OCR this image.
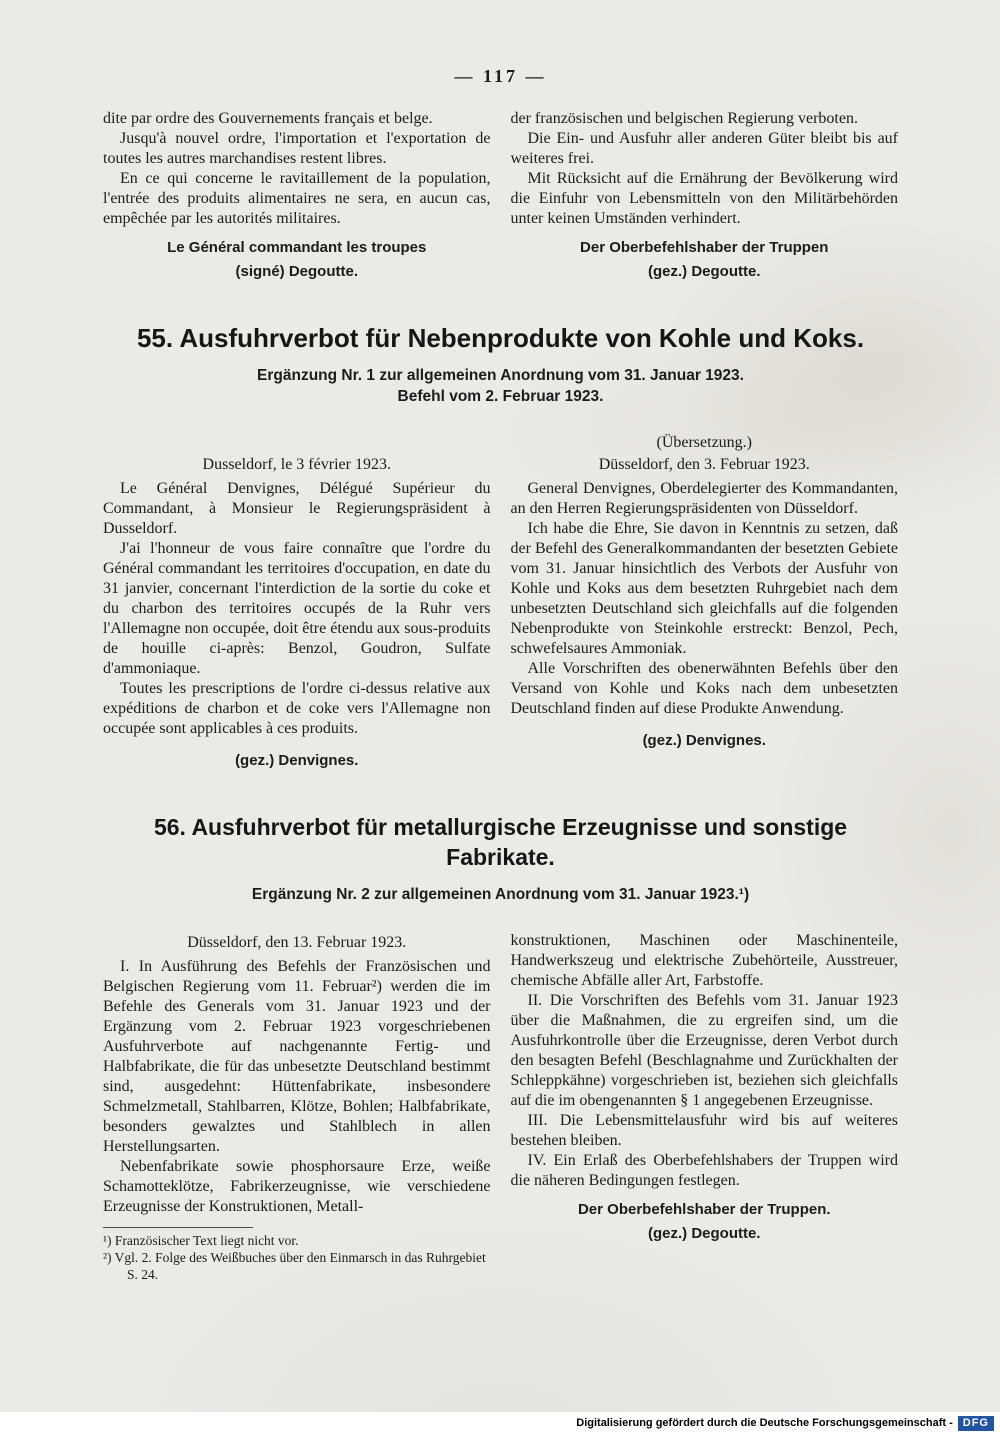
— 117 —

dite par ordre des Gouvernements français et belge.

Jusqu'à nouvel ordre, l'importation et l'exportation de toutes les autres marchandises restent libres.

En ce qui concerne le ravitaillement de la population, l'entrée des produits alimentaires ne sera, en aucun cas, empêchée par les autorités militaires.

Le Général commandant les troupes
(signé) Degoutte.

der französischen und belgischen Regierung verboten.

Die Ein- und Ausfuhr aller anderen Güter bleibt bis auf weiteres frei.

Mit Rücksicht auf die Ernährung der Bevölkerung wird die Einfuhr von Lebensmitteln von den Militärbehörden unter keinen Umständen verhindert.

Der Oberbefehlshaber der Truppen
(gez.) Degoutte.
55. Ausfuhrverbot für Nebenprodukte von Kohle und Koks.
Ergänzung Nr. 1 zur allgemeinen Anordnung vom 31. Januar 1923.
Befehl vom 2. Februar 1923.
Dusseldorf, le 3 février 1923.

Le Général Denvignes, Délégué Supérieur du Commandant, à Monsieur le Regierungspräsident à Dusseldorf.

J'ai l'honneur de vous faire connaître que l'ordre du Général commandant les territoires d'occupation, en date du 31 janvier, concernant l'interdiction de la sortie du coke et du charbon des territoires occupés de la Ruhr vers l'Allemagne non occupée, doit être étendu aux sous-produits de houille ci-après: Benzol, Goudron, Sulfate d'ammoniaque.

Toutes les prescriptions de l'ordre ci-dessus relative aux expéditions de charbon et de coke vers l'Allemagne non occupée sont applicables à ces produits.

(gez.) Denvignes.
(Übersetzung.)
Düsseldorf, den 3. Februar 1923.

General Denvignes, Oberdelegierter des Kommandanten, an den Herren Regierungspräsidenten von Düsseldorf.

Ich habe die Ehre, Sie davon in Kenntnis zu setzen, daß der Befehl des Generalkommandanten der besetzten Gebiete vom 31. Januar hinsichtlich des Verbots der Ausfuhr von Kohle und Koks aus dem besetzten Ruhrgebiet nach dem unbesetzten Deutschland sich gleichfalls auf die folgenden Nebenprodukte von Steinkohle erstreckt: Benzol, Pech, schwefelsaures Ammoniak.

Alle Vorschriften des obenerwähnten Befehls über den Versand von Kohle und Koks nach dem unbesetzten Deutschland finden auf diese Produkte Anwendung.

(gez.) Denvignes.
56. Ausfuhrverbot für metallurgische Erzeugnisse und sonstige Fabrikate.
Ergänzung Nr. 2 zur allgemeinen Anordnung vom 31. Januar 1923.¹)
Düsseldorf, den 13. Februar 1923.

I. In Ausführung des Befehls der Französischen und Belgischen Regierung vom 11. Februar²) werden die im Befehle des Generals vom 31. Januar 1923 und der Ergänzung vom 2. Februar 1923 vorgeschriebenen Ausfuhrverbote auf nachgenannte Fertig- und Halbfabrikate, die für das unbesetzte Deutschland bestimmt sind, ausgedehnt: Hüttenfabrikate, insbesondere Schmelzmetall, Stahlbarren, Klötze, Bohlen; Halbfabrikate, besonders gewalztes und Stahlblech in allen Herstellungsarten.

Nebenfabrikate sowie phosphorsaure Erze, weiße Schamotteklötze, Fabrikerzeugnisse, wie verschiedene Erzeugnisse der Konstruktionen, Metall-

¹) Französischer Text liegt nicht vor.

²) Vgl. 2. Folge des Weißbuches über den Einmarsch in das Ruhrgebiet S. 24.

konstruktionen, Maschinen oder Maschinenteile, Handwerkszeug und elektrische Zubehörteile, Ausstreuer, chemische Abfälle aller Art, Farbstoffe.

II. Die Vorschriften des Befehls vom 31. Januar 1923 über die Maßnahmen, die zu ergreifen sind, um die Ausfuhrkontrolle über die Erzeugnisse, deren Verbot durch den besagten Befehl (Beschlagnahme und Zurückhalten der Schleppkähne) vorgeschrieben ist, beziehen sich gleichfalls auf die im obengenannten § 1 angegebenen Erzeugnisse.

III. Die Lebensmittelausfuhr wird bis auf weiteres bestehen bleiben.

IV. Ein Erlaß des Oberbefehlshabers der Truppen wird die näheren Bedingungen festlegen.

Der Oberbefehlshaber der Truppen.
(gez.) Degoutte.
Digitalisierung gefördert durch die Deutsche Forschungsgemeinschaft - DFG
